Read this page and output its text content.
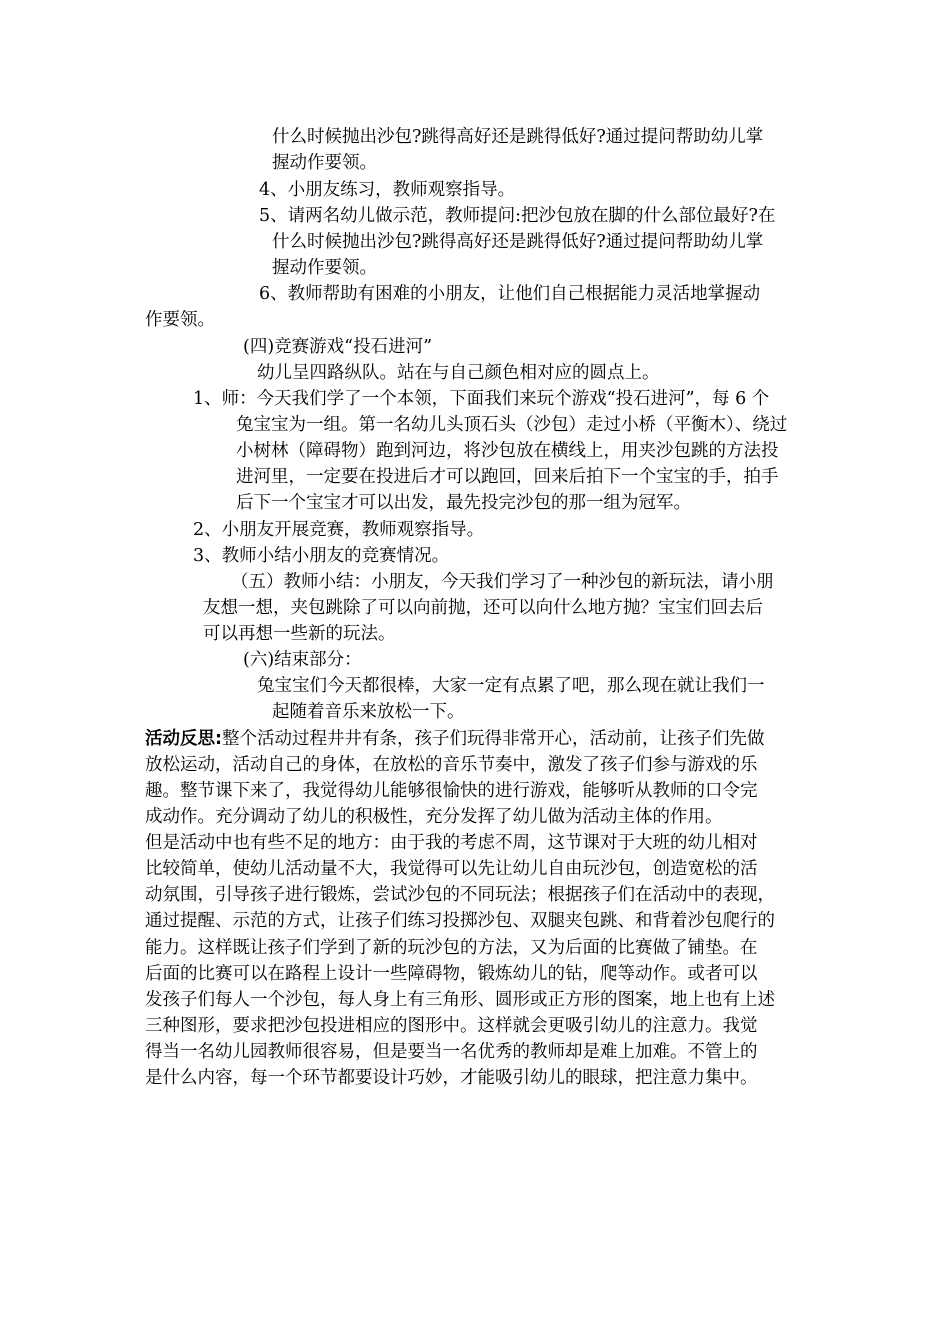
什么时候抛出沙包?跳得高好还是跳得低好?通过提问帮助幼儿掌
握动作要领。
4、小朋友练习，教师观察指导。
5、请两名幼儿做示范，教师提问:把沙包放在脚的什么部位最好?在
什么时候抛出沙包?跳得高好还是跳得低好?通过提问帮助幼儿掌
握动作要领。
6、教师帮助有困难的小朋友，让他们自己根据能力灵活地掌握动
作要领。
(四)竞赛游戏“投石进河”
幼儿呈四路纵队。站在与自己颜色相对应的圆点上。
1、师：今天我们学了一个本领，下面我们来玩个游戏“投石进河”，每 6 个
兔宝宝为一组。第一名幼儿头顶石头（沙包）走过小桥（平衡木）、绕过
小树林（障碍物）跑到河边，将沙包放在横线上，用夹沙包跳的方法投
进河里，一定要在投进后才可以跑回，回来后拍下一个宝宝的手，拍手
后下一个宝宝才可以出发，最先投完沙包的那一组为冠军。
2、小朋友开展竞赛，教师观察指导。
3、教师小结小朋友的竞赛情况。
（五）教师小结：小朋友，今天我们学习了一种沙包的新玩法，请小朋
友想一想，夹包跳除了可以向前抛，还可以向什么地方抛？宝宝们回去后
可以再想一些新的玩法。
(六)结束部分：
兔宝宝们今天都很棒，大家一定有点累了吧，那么现在就让我们一
起随着音乐来放松一下。
活动反思:整个活动过程井井有条，孩子们玩得非常开心，活动前，让孩子们先做
放松运动，活动自己的身体，在放松的音乐节奏中，激发了孩子们参与游戏的乐
趣。整节课下来了，我觉得幼儿能够很愉快的进行游戏，能够听从教师的口令完
成动作。充分调动了幼儿的积极性，充分发挥了幼儿做为活动主体的作用。
但是活动中也有些不足的地方：由于我的考虑不周，这节课对于大班的幼儿相对
比较简单，使幼儿活动量不大，我觉得可以先让幼儿自由玩沙包，创造宽松的活
动氛围，引导孩子进行锻炼，尝试沙包的不同玩法；根据孩子们在活动中的表现，
通过提醒、示范的方式，让孩子们练习投掷沙包、双腿夹包跳、和背着沙包爬行的
能力。这样既让孩子们学到了新的玩沙包的方法，又为后面的比赛做了铺垫。在
后面的比赛可以在路程上设计一些障碍物，锻炼幼儿的钻，爬等动作。或者可以
发孩子们每人一个沙包，每人身上有三角形、圆形或正方形的图案，地上也有上述
三种图形，要求把沙包投进相应的图形中。这样就会更吸引幼儿的注意力。我觉
得当一名幼儿园教师很容易，但是要当一名优秀的教师却是难上加难。不管上的
是什么内容，每一个环节都要设计巧妙，才能吸引幼儿的眼球，把注意力集中。
